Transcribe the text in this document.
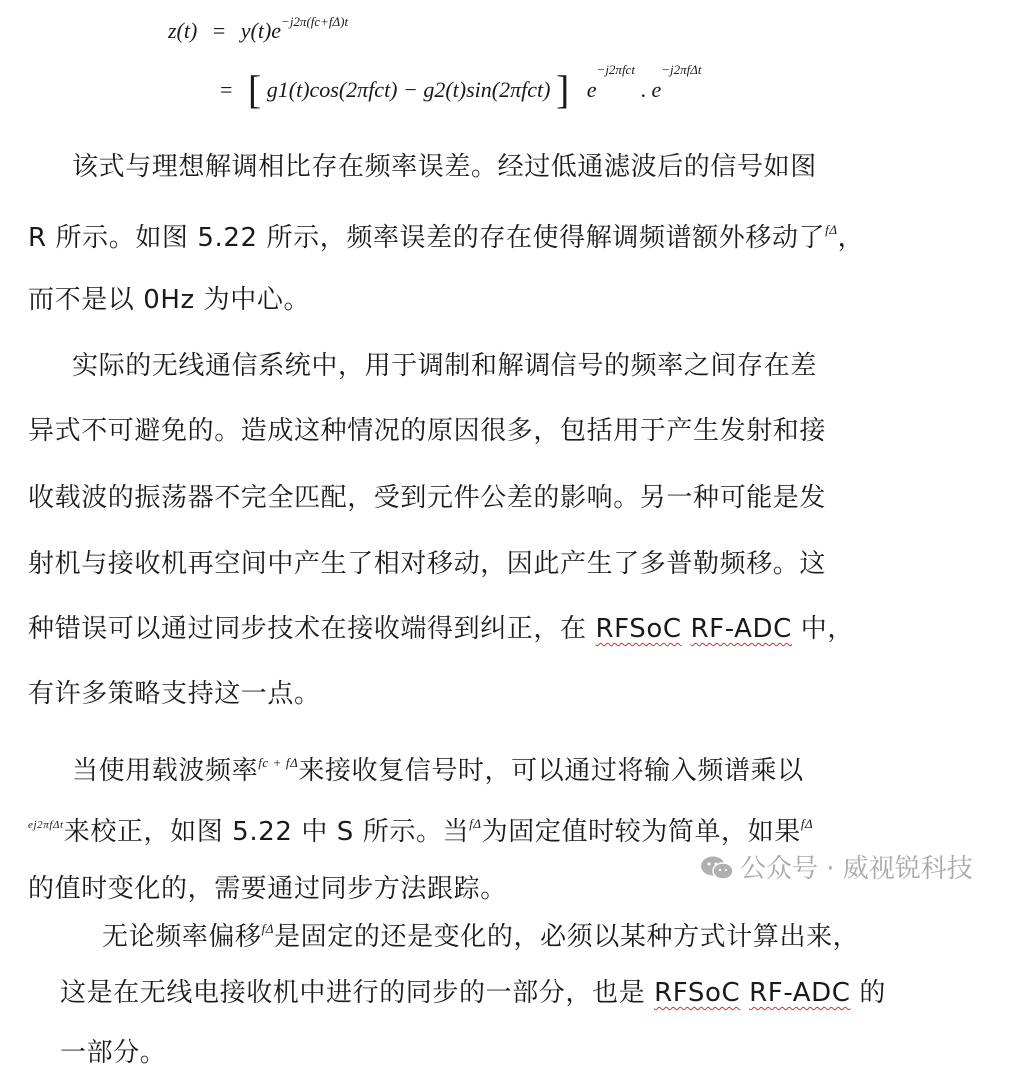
$z(t) = y(t)e^{-j2\pi(fc+f\Delta)t}$
= [ g1(t)cos(2πfct) − g2(t)sin(2πfct) ] $e^{-j2\pi fct}$ . $e^{-j2\pi f\Delta t}$
该式与理想解调相比存在频率误差。经过低通滤波后的信号如图
R 所示。如图 5.22 所示，频率误差的存在使得解调频谱额外移动了$^{f\Delta}$，
而不是以 0Hz 为中心。
实际的无线通信系统中，用于调制和解调信号的频率之间存在差
异式不可避免的。造成这种情况的原因很多，包括用于产生发射和接
收载波的振荡器不完全匹配，受到元件公差的影响。另一种可能是发
射机与接收机再空间中产生了相对移动，因此产生了多普勒频移。这
种错误可以通过同步技术在接收端得到纠正，在 RFSoC RF-ADC 中，
有许多策略支持这一点。
当使用载波频率$^{fc + f\Delta}$来接收复信号时，可以通过将输入频谱乘以
$^{ej2\pi f\Delta t}$来校正，如图 5.22 中 S 所示。当$^{f\Delta}$为固定值时较为简单，如果$^{f\Delta}$
的值时变化的，需要通过同步方法跟踪。
无论频率偏移$^{f\Delta}$是固定的还是变化的，必须以某种方式计算出来，
这是在无线电接收机中进行的同步的一部分，也是 RFSoC RF-ADC 的
一部分。
公众号 · 威视锐科技
